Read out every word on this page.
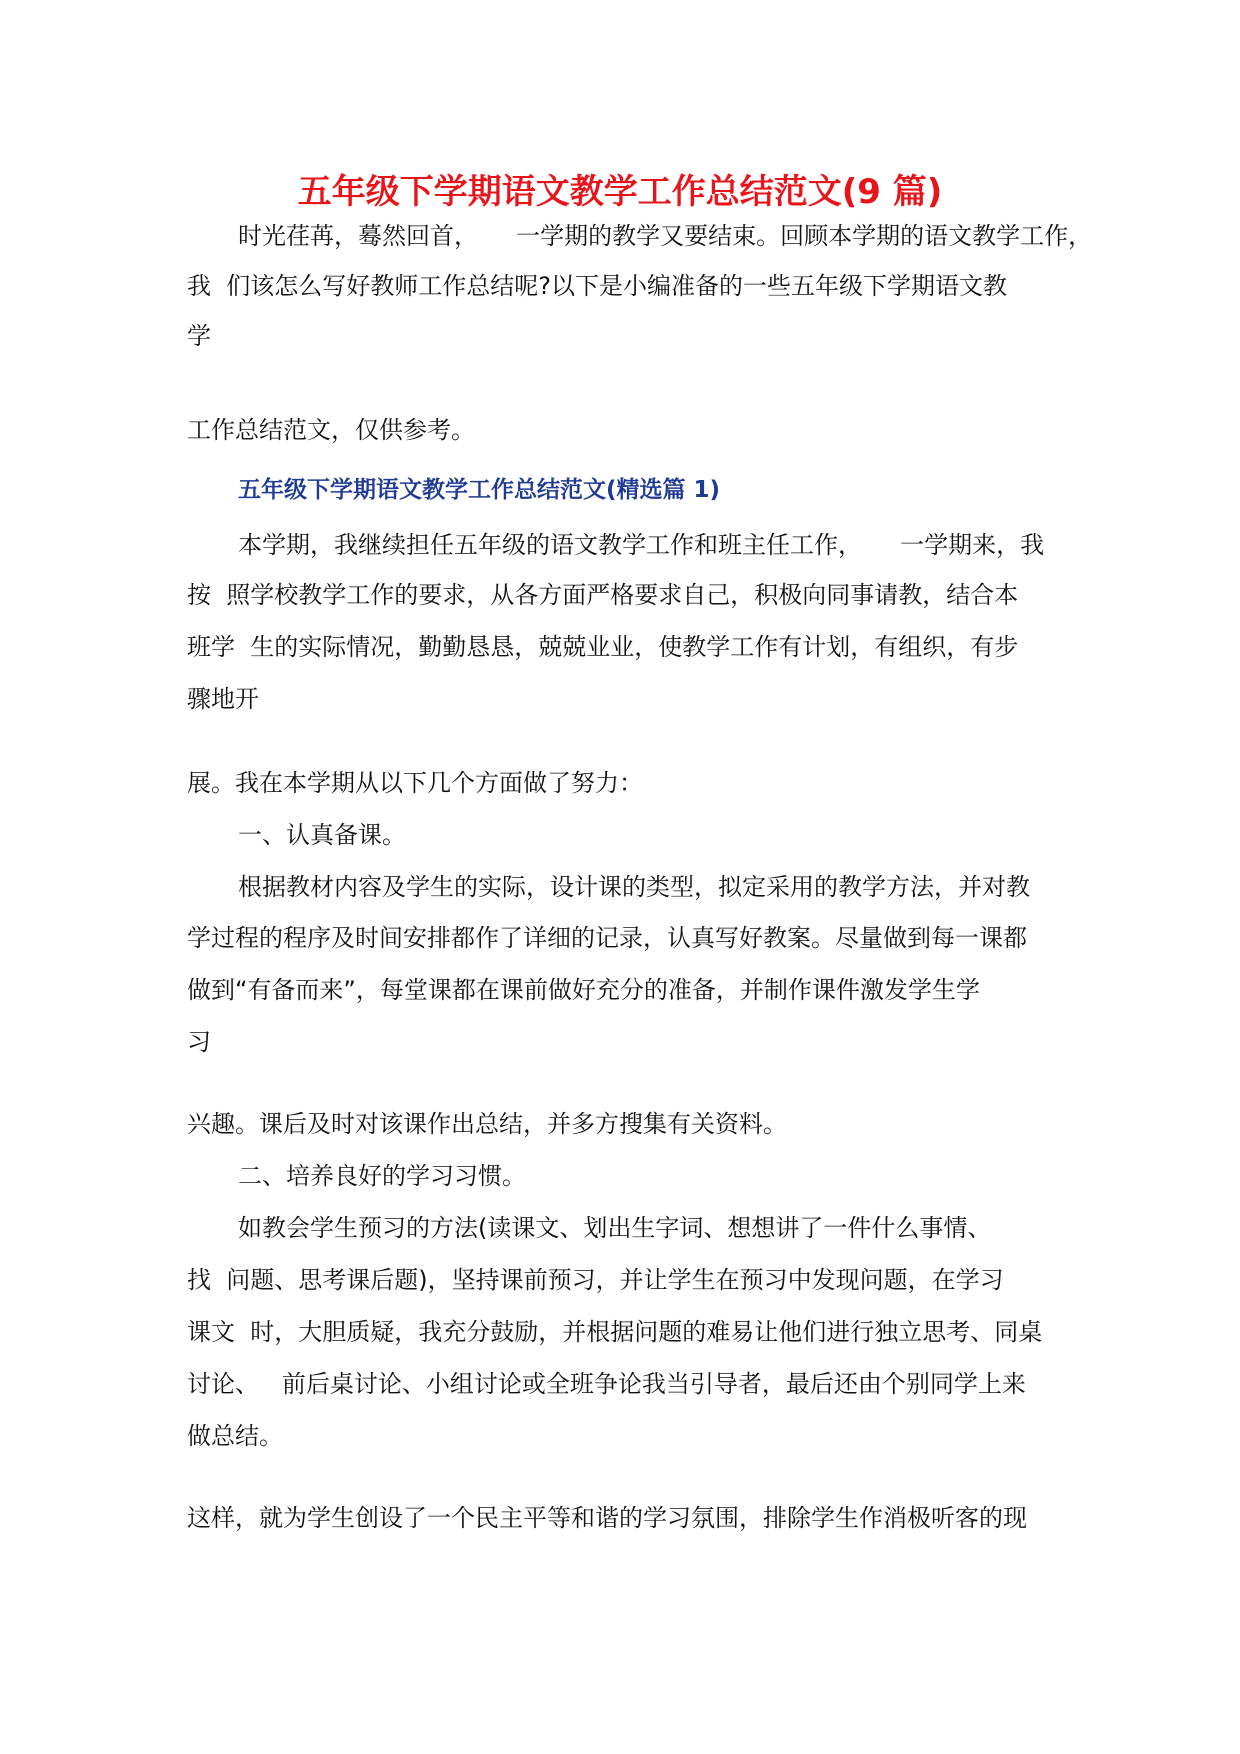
五年级下学期语文教学工作总结范文(9 篇)
时光荏苒，蓦然回首，     一学期的教学又要结束。回顾本学期的语文教学工作，
我  们该怎么写好教师工作总结呢?以下是小编准备的一些五年级下学期语文教
学
工作总结范文，仅供参考。
五年级下学期语文教学工作总结范文(精选篇 1)
本学期，我继续担任五年级的语文教学工作和班主任工作，     一学期来，我
按  照学校教学工作的要求，从各方面严格要求自己，积极向同事请教，结合本
班学  生的实际情况，勤勤恳恳，兢兢业业，使教学工作有计划，有组织，有步
骤地开
展。我在本学期从以下几个方面做了努力：
一、认真备课。
根据教材内容及学生的实际，设计课的类型，拟定采用的教学方法，并对教
学过程的程序及时间安排都作了详细的记录，认真写好教案。尽量做到每一课都
做到“有备而来”，每堂课都在课前做好充分的准备，并制作课件激发学生学
习
兴趣。课后及时对该课作出总结，并多方搜集有关资料。
二、培养良好的学习习惯。
如教会学生预习的方法(读课文、划出生字词、想想讲了一件什么事情、
找  问题、思考课后题)，坚持课前预习，并让学生在预习中发现问题，在学习
课文  时，大胆质疑，我充分鼓励，并根据问题的难易让他们进行独立思考、同桌
讨论、   前后桌讨论、小组讨论或全班争论我当引导者，最后还由个别同学上来
做总结。
这样，就为学生创设了一个民主平等和谐的学习氛围，排除学生作消极听客的现
